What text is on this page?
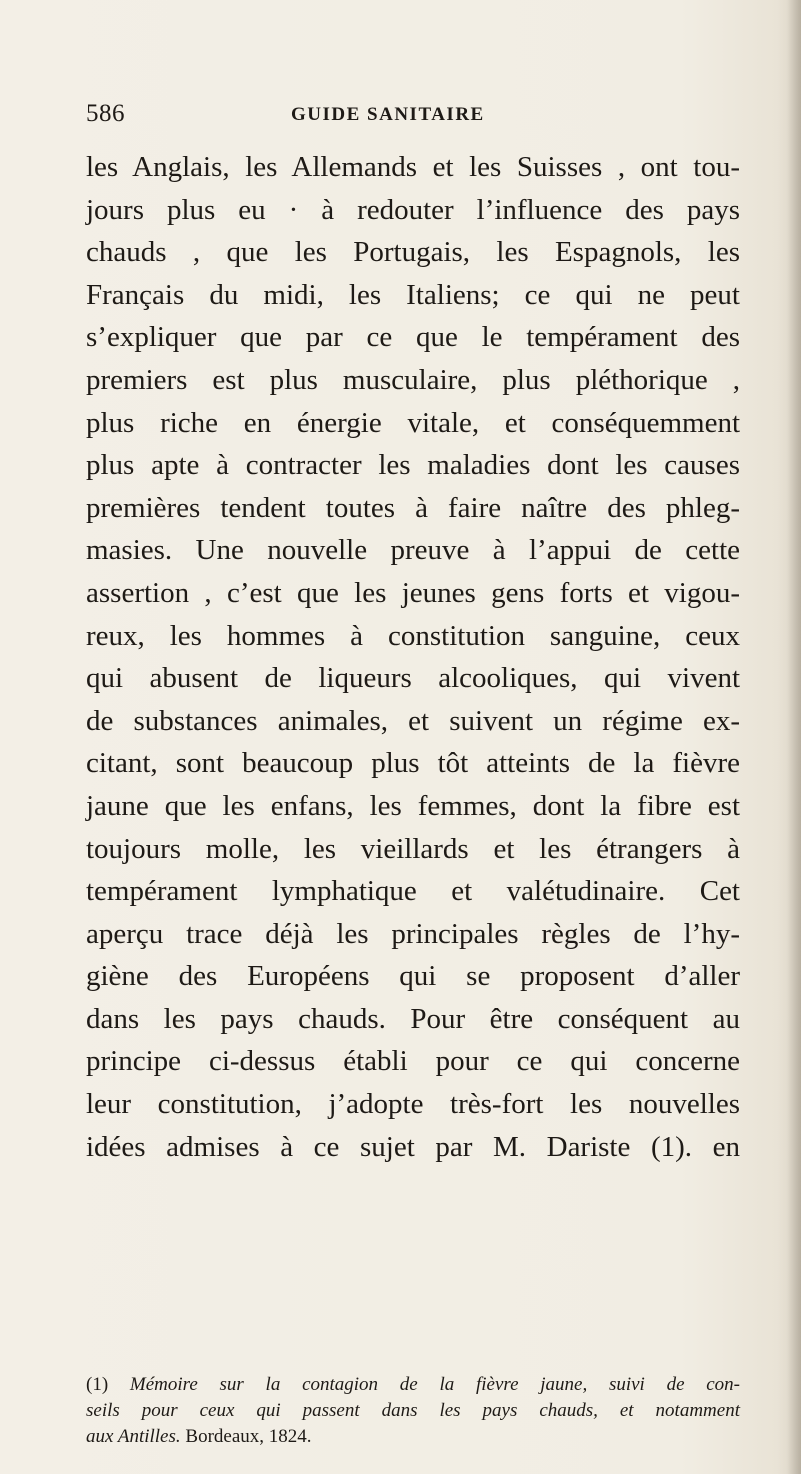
586	GUIDE SANITAIRE
les Anglais, les Allemands et les Suisses , ont tou-
jours plus eu · à redouter l’influence des pays
chauds , que les Portugais, les Espagnols, les
Français du midi, les Italiens; ce qui ne peut
s’expliquer que par ce que le tempérament des
premiers est plus musculaire, plus pléthorique ,
plus riche en énergie vitale, et conséquemment
plus apte à contracter les maladies dont les causes
premières tendent toutes à faire naître des phleg-
masies. Une nouvelle preuve à l’appui de cette
assertion , c’est que les jeunes gens forts et vigou-
reux, les hommes à constitution sanguine, ceux
qui abusent de liqueurs alcooliques, qui vivent
de substances animales, et suivent un régime ex-
citant, sont beaucoup plus tôt atteints de la fièvre
jaune que les enfans, les femmes, dont la fibre est
toujours molle, les vieillards et les étrangers à
tempérament lymphatique et valétudinaire. Cet
aperçu trace déjà les principales règles de l’hy-
giène des Européens qui se proposent d’aller
dans les pays chauds. Pour être conséquent au
principe ci-dessus établi pour ce qui concerne
leur constitution, j’adopte très-fort les nouvelles
idées admises à ce sujet par M. Dariste (1). en
(1) Mémoire sur la contagion de la fièvre jaune, suivi de con-
seils pour ceux qui passent dans les pays chauds, et notamment
aux Antilles. Bordeaux, 1824.
